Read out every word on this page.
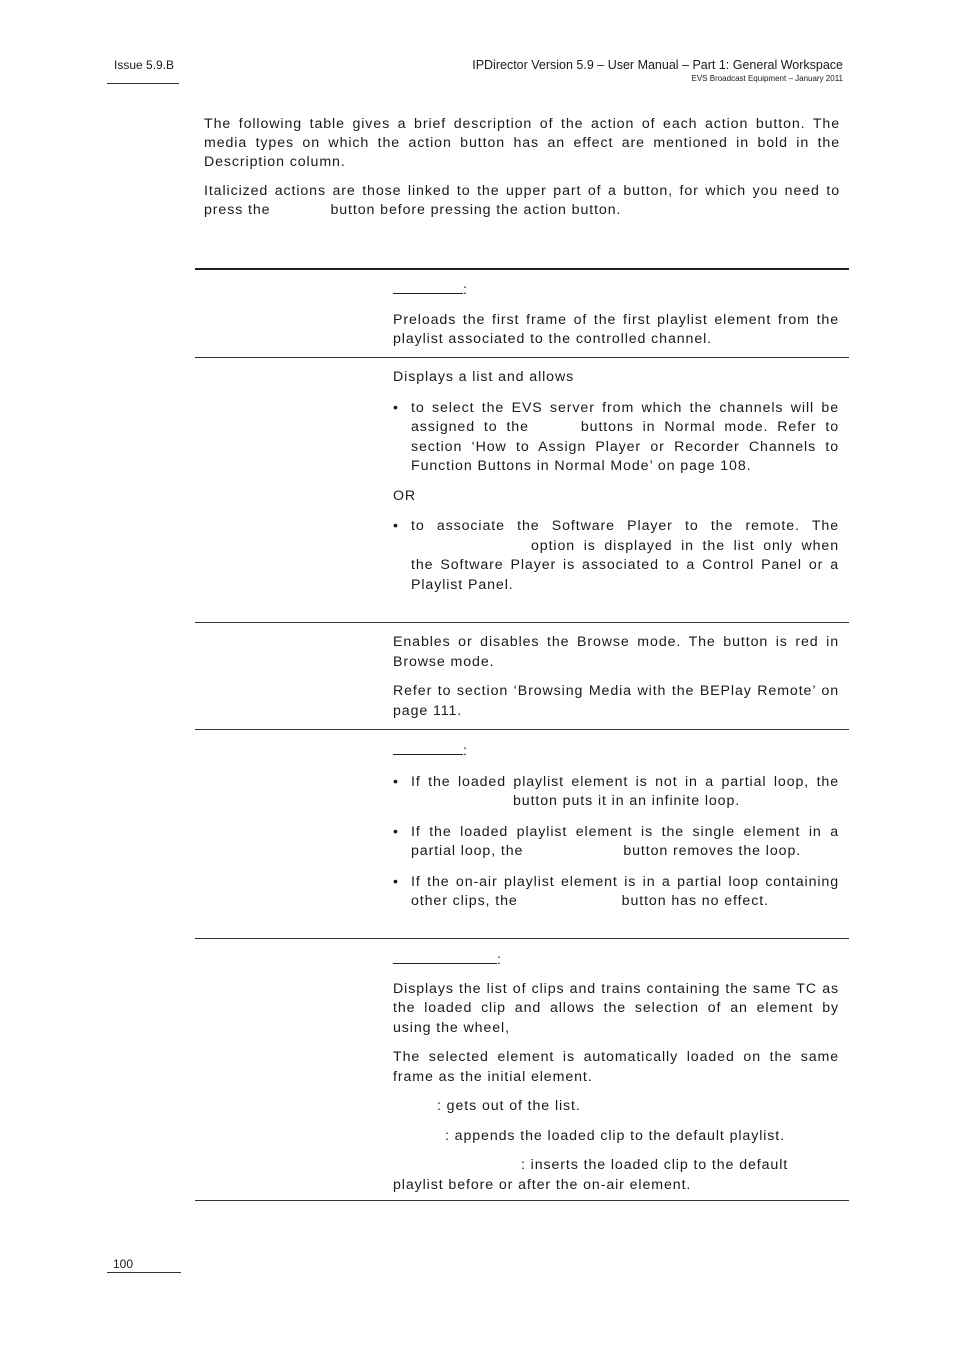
Issue 5.9.B	IPDirector Version 5.9 – User Manual – Part 1: General Workspace
EVS Broadcast Equipment – January 2011

The following table gives a brief description of the action of each action button. The media types on which the action button has an effect are mentioned in bold in the Description column.

Italicized actions are those linked to the upper part of a button, for which you need to press the	button before pressing the action button.

:

Preloads the first frame of the first playlist element from the playlist associated to the controlled channel.

Displays a list and allows

• to select the EVS server from which the channels will be assigned to the	buttons in Normal mode. Refer to section ‘How to Assign Player or Recorder Channels to Function Buttons in Normal Mode’ on page 108.

OR

• to associate the Software Player to the remote. Theoption is displayed in the list only when the Software Player is associated to a Control Panel or a Playlist Panel.

Enables or disables the Browse mode. The button is red in Browse mode.

Refer to section ‘Browsing Media with the BEPlay Remote’ on page 111.

:

• If the loaded playlist element is not in a partial loop, thebutton puts it in an infinite loop.
• If the loaded playlist element is the single element in a partial loop, the	button removes the loop.
• If the on-air playlist element is in a partial loop containing other clips, the	button has no effect.

:

Displays the list of clips and trains containing the same TC as the loaded clip and allows the selection of an element by using the wheel,

The selected element is automatically loaded on the same frame as the initial element.

: gets out of the list.

: appends the loaded clip to the default playlist.

: inserts the loaded clip to the default

playlist before or after the on-air element.

100
